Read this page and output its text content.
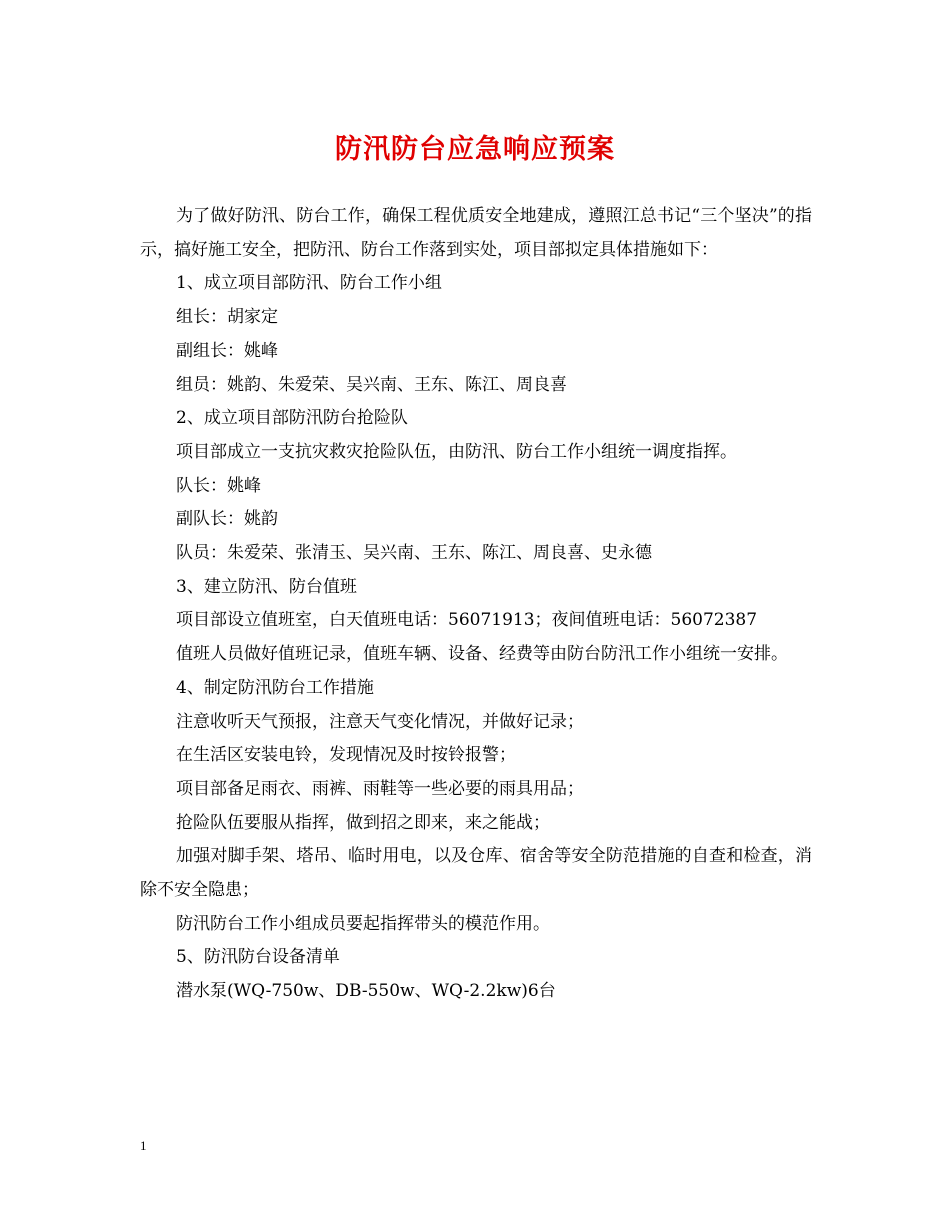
防汛防台应急响应预案

为了做好防汛、防台工作，确保工程优质安全地建成，遵照江总书记“三个坚决”的指示，搞好施工安全，把防汛、防台工作落到实处，项目部拟定具体措施如下：

1、成立项目部防汛、防台工作小组

组长：胡家定

副组长：姚峰

组员：姚韵、朱爱荣、吴兴南、王东、陈江、周良喜

2、成立项目部防汛防台抢险队

项目部成立一支抗灾救灾抢险队伍，由防汛、防台工作小组统一调度指挥。

队长：姚峰

副队长：姚韵

队员：朱爱荣、张清玉、吴兴南、王东、陈江、周良喜、史永德

3、建立防汛、防台值班

项目部设立值班室，白天值班电话：56071913；夜间值班电话：56072387

值班人员做好值班记录，值班车辆、设备、经费等由防台防汛工作小组统一安排。

4、制定防汛防台工作措施

注意收听天气预报，注意天气变化情况，并做好记录；

在生活区安装电铃，发现情况及时按铃报警；

项目部备足雨衣、雨裤、雨鞋等一些必要的雨具用品；

抢险队伍要服从指挥，做到招之即来，来之能战；

加强对脚手架、塔吊、临时用电，以及仓库、宿舍等安全防范措施的自查和检查，消除不安全隐患；

防汛防台工作小组成员要起指挥带头的模范作用。

5、防汛防台设备清单

潜水泵(WQ-750w、DB-550w、WQ-2.2kw)6台

1
